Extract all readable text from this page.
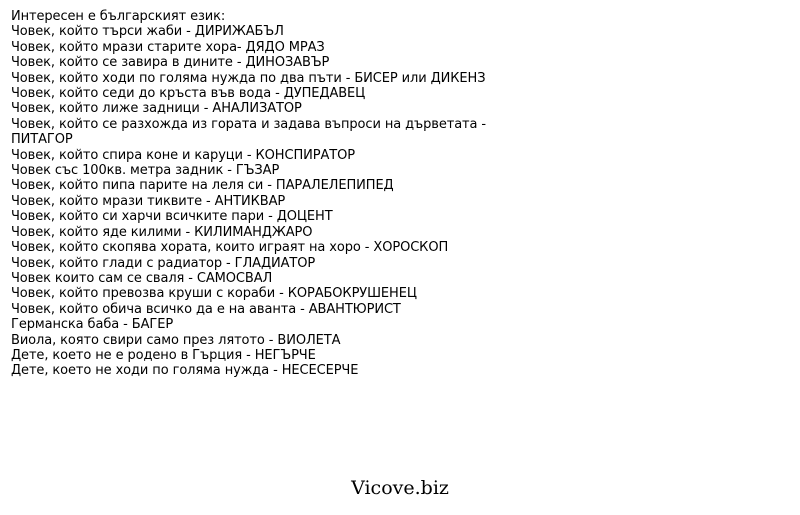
Интересен е българският език:
Човек, който търси жаби - ДИРИЖАБЪЛ
Човек, който мрази старите хора- ДЯДО МРАЗ
Човек, който се завира в дините - ДИНОЗАВЪР
Човек, който ходи по голяма нужда по два пъти - БИСЕР или ДИКЕНЗ
Човек, който седи до кръста във вода - ДУПЕДАВЕЦ
Човек, който лиже задници - АНАЛИЗАТОР
Човек, който се разхожда из гората и задава въпроси на дърветата - ПИТАГОР
Човек, който спира коне и каруци - КОНСПИРАТОР
Човек със 100кв. метра задник - ГЪЗАР
Човек, който пипа парите на леля си - ПАРАЛЕЛЕПИПЕД
Човек, който мрази тиквите - АНТИКВАР
Човек, който си харчи всичките пари - ДОЦЕНТ
Човек, който яде килими - КИЛИМАНДЖАРО
Човек, който скопява хората, които играят на хоро - ХОРОСКОП
Човек, който глади с радиатор - ГЛАДИАТОР
Човек които сам се сваля - САМОСВАЛ
Човек, който превозва круши с кораби - КОРАБОКРУШЕНЕЦ
Човек, който обича всичко да е на аванта - АВАНТЮРИСТ
Германска баба - БАГЕР
Виола, която свири само през лятото - ВИОЛЕТА
Дете, което не е родено в Гърция - НЕГЪРЧЕ
Дете, което не ходи по голяма нужда - НЕСЕСЕРЧЕ
Vicove.biz
